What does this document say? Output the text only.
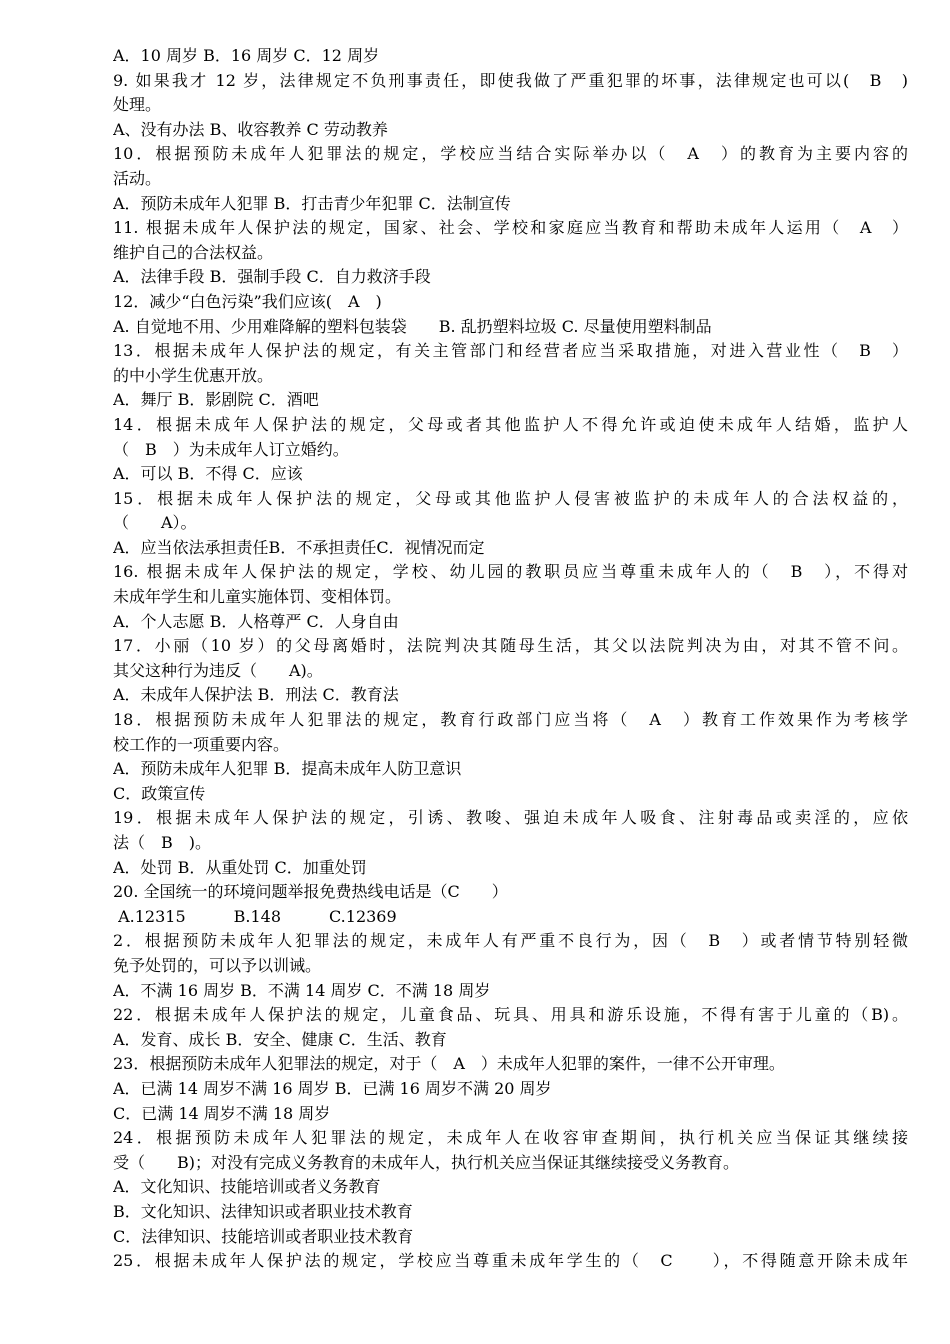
A．10 周岁 B．16 周岁 C．12 周岁
9. 如果我才 12 岁，法律规定不负刑事责任，即使我做了严重犯罪的坏事，法律规定也可以(　B　)
处理。
A、没有办法 B、收容教养 C 劳动教养
10．根据预防未成年人犯罪法的规定，学校应当结合实际举办以（　A　）的教育为主要内容的
活动。
A．预防未成年人犯罪 B．打击青少年犯罪 C．法制宣传
11. 根据未成年人保护法的规定，国家、社会、学校和家庭应当教育和帮助未成年人运用（　A　）
维护自己的合法权益。
A．法律手段 B．强制手段 C．自力救济手段
12．减少“白色污染”我们应该(　A　)
A. 自觉地不用、少用难降解的塑料包装袋　　B. 乱扔塑料垃圾 C. 尽量使用塑料制品
13．根据未成年人保护法的规定，有关主管部门和经营者应当采取措施，对进入营业性（　B　）
的中小学生优惠开放。
A．舞厅 B．影剧院 C．酒吧
14．根据未成年人保护法的规定，父母或者其他监护人不得允许或迫使未成年人结婚，监护人
（　B　）为未成年人订立婚约。
A．可以 B．不得 C．应该
15．根据未成年人保护法的规定，父母或其他监护人侵害被监护的未成年人的合法权益的，
（　　A）。
A．应当依法承担责任B．不承担责任C．视情况而定
16. 根据未成年人保护法的规定，学校、幼儿园的教职员应当尊重未成年人的（　B　），不得对
未成年学生和儿童实施体罚、变相体罚。
A．个人志愿 B．人格尊严 C．人身自由
17．小丽（10 岁）的父母离婚时，法院判决其随母生活，其父以法院判决为由，对其不管不问。
其父这种行为违反（　　A)。
A．未成年人保护法 B．刑法 C．教育法
18．根据预防未成年人犯罪法的规定，教育行政部门应当将（　A　）教育工作效果作为考核学
校工作的一项重要内容。
A．预防未成年人犯罪 B．提高未成年人防卫意识
C．政策宣传
19．根据未成年人保护法的规定，引诱、教唆、强迫未成年人吸食、注射毒品或卖淫的，应依
法（　B　)。
A．处罚 B．从重处罚 C．加重处罚
20. 全国统一的环境问题举报免费热线电话是（C　　）
A.12315　　　B.148　　　C.12369
2．根据预防未成年人犯罪法的规定，未成年人有严重不良行为，因（　B　）或者情节特别轻微
免予处罚的，可以予以训诫。
A．不满 16 周岁 B．不满 14 周岁 C．不满 18 周岁
22．根据未成年人保护法的规定，儿童食品、玩具、用具和游乐设施，不得有害于儿童的（B)。
A．发育、成长 B．安全、健康 C．生活、教育
23．根据预防未成年人犯罪法的规定，对于（　A　）未成年人犯罪的案件，一律不公开审理。
A．已满 14 周岁不满 16 周岁 B．已满 16 周岁不满 20 周岁
C．已满 14 周岁不满 18 周岁
24．根据预防未成年人犯罪法的规定，未成年人在收容审查期间，执行机关应当保证其继续接
受（　　B)；对没有完成义务教育的未成年人，执行机关应当保证其继续接受义务教育。
A．文化知识、技能培训或者义务教育
B．文化知识、法律知识或者职业技术教育
C．法律知识、技能培训或者职业技术教育
25．根据未成年人保护法的规定，学校应当尊重未成年学生的（　C　　），不得随意开除未成年
